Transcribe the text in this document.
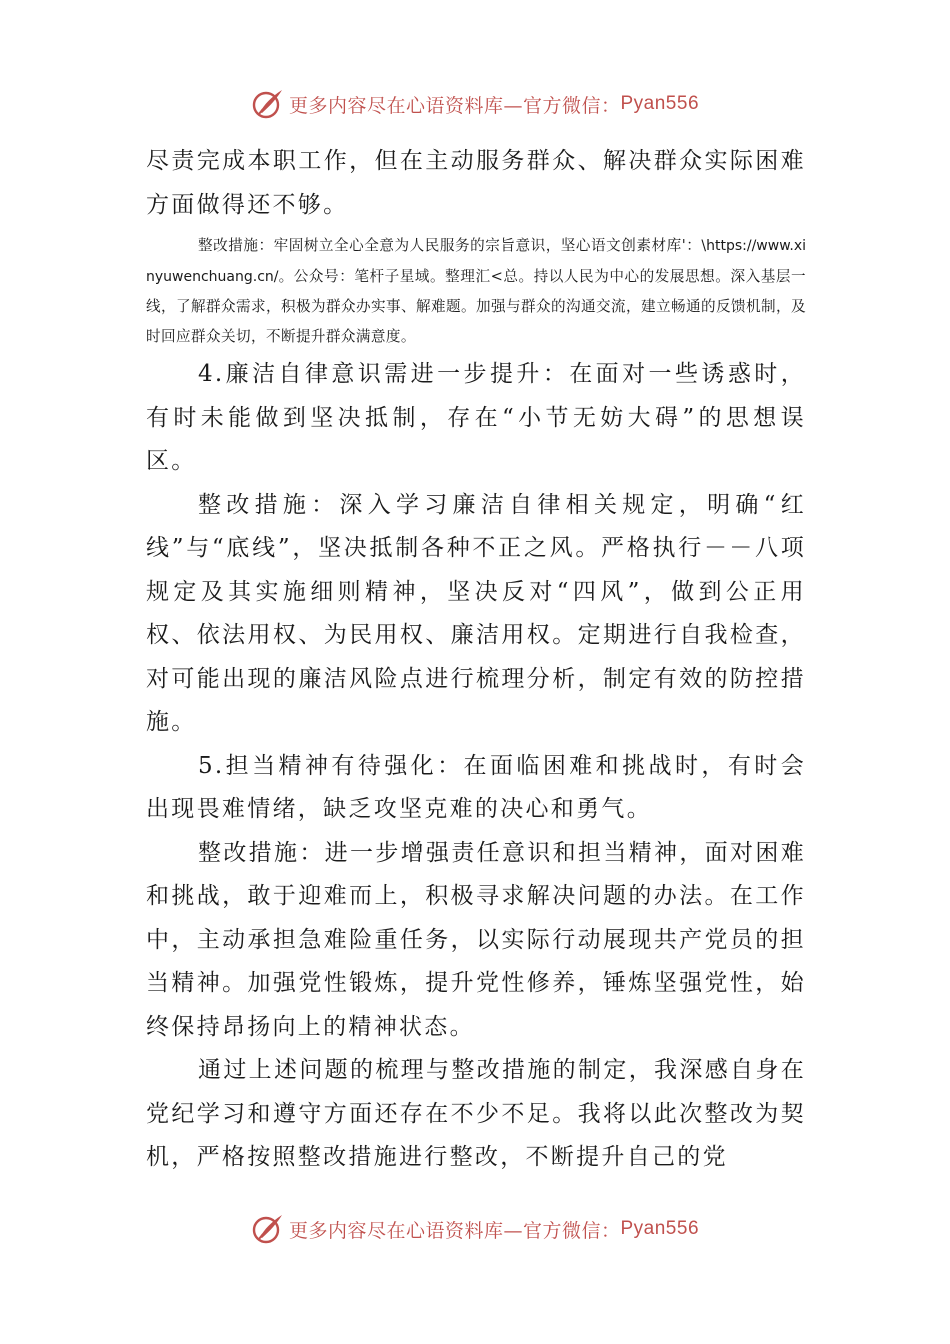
更多内容尽在心语资料库—官方微信： Pyan556

尽责完成本职工作，但在主动服务群众、解决群众实际困难方面做得还不够。

整改措施：牢固树立全心全意为人民服务的宗旨意识，坚心语文创素材库'：\https://www.xinyuwenchuang.cn/。公众号：笔杆子星域。整理汇<总。持以人民为中心的发展思想。深入基层一线，了解群众需求，积极为群众办实事、解难题。加强与群众的沟通交流，建立畅通的反馈机制，及时回应群众关切，不断提升群众满意度。

4.廉洁自律意识需进一步提升：在面对一些诱惑时，有时未能做到坚决抵制，存在“小节无妨大碍”的思想误区。

整改措施：深入学习廉洁自律相关规定，明确“红线”与“底线”，坚决抵制各种不正之风。严格执行－－八项规定及其实施细则精神，坚决反对“四风”，做到公正用权、依法用权、为民用权、廉洁用权。定期进行自我检查，对可能出现的廉洁风险点进行梳理分析，制定有效的防控措施。

5.担当精神有待强化：在面临困难和挑战时，有时会出现畏难情绪，缺乏攻坚克难的决心和勇气。

整改措施：进一步增强责任意识和担当精神，面对困难和挑战，敢于迎难而上，积极寻求解决问题的办法。在工作中，主动承担急难险重任务，以实际行动展现共产党员的担当精神。加强党性锻炼，提升党性修养，锤炼坚强党性，始终保持昂扬向上的精神状态。

通过上述问题的梳理与整改措施的制定，我深感自身在党纪学习和遵守方面还存在不少不足。我将以此次整改为契机，严格按照整改措施进行整改，不断提升自己的党

更多内容尽在心语资料库—官方微信： Pyan556
